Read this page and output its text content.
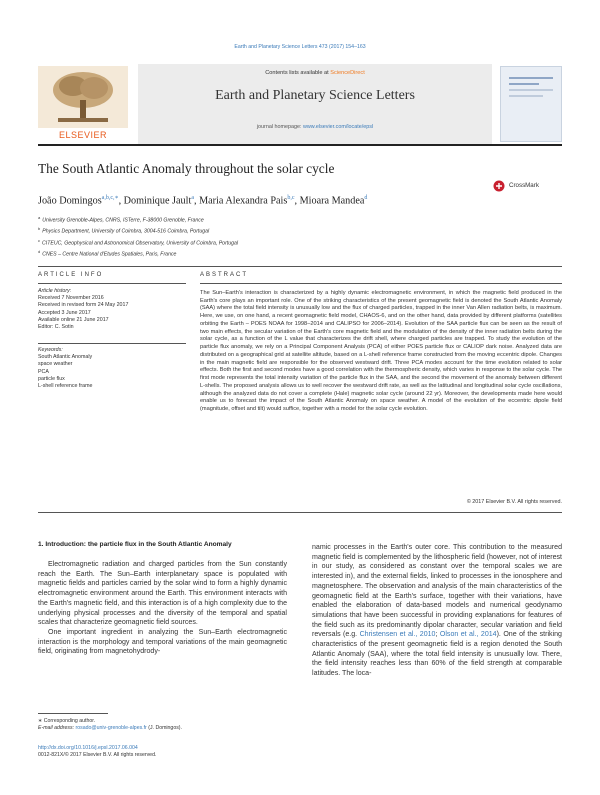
Earth and Planetary Science Letters 473 (2017) 154–163
ELSEVIER
Contents lists available at ScienceDirect
Earth and Planetary Science Letters
journal homepage: www.elsevier.com/locate/epsl
The South Atlantic Anomaly throughout the solar cycle
CrossMark
João Domingos$^{a,b,c,∗}$, Dominique Jault$^a$, Maria Alexandra Pais$^{b,c}$, Mioara Mandea$^d$
$^a$University Grenoble-Alpes, CNRS, ISTerre, F-38000 Grenoble, France
$^b$Physics Department, University of Coimbra, 3004-516 Coimbra, Portugal
$^c$CITEUC, Geophysical and Astronomical Observatory, University of Coimbra, Portugal
$^d$CNES – Centre National d'Etudes Spatiales, Paris, France
ARTICLE INFO	ABSTRACT
Article history:
Received 7 November 2016
Received in revised form 24 May 2017
Accepted 3 June 2017
Available online 21 June 2017
Editor: C. Sotin
Keywords:
South Atlantic Anomaly
space weather
PCA
particle flux
L-shell reference frame
The Sun–Earth's interaction is characterized by a highly dynamic electromagnetic environment, in which the magnetic field produced in the Earth's core plays an important role. One of the striking characteristics of the present geomagnetic field is denoted the South Atlantic Anomaly (SAA) where the total field intensity is unusually low and the flux of charged particles, trapped in the inner Van Allen radiation belts, is maximum. Here, we use, on one hand, a recent geomagnetic field model, CHAOS-6, and on the other hand, data provided by different platforms (satellites orbiting the Earth – POES NOAA for 1998–2014 and CALIPSO for 2006–2014). Evolution of the SAA particle flux can be seen as the result of two main effects, the secular variation of the Earth's core magnetic field and the modulation of the density of the inner radiation belts during the solar cycle, as a function of the L value that characterizes the drift shell, where charged particles are trapped. To study the evolution of the particle flux anomaly, we rely on a Principal Component Analysis (PCA) of either POES particle flux or CALIOP dark noise. Analyzed data are distributed on a geographical grid at satellite altitude, based on a L-shell reference frame constructed from the moving eccentric dipole. Changes in the main magnetic field are responsible for the observed westward drift. Three PCA modes account for the time evolution related to solar effects. Both the first and second modes have a good correlation with the thermospheric density, which varies in response to the solar cycle. The first mode represents the total intensity variation of the particle flux in the SAA, and the second the movement of the anomaly between different L-shells. The proposed analysis allows us to well recover the westward drift rate, as well as the latitudinal and longitudinal solar cycle oscillations, although the analyzed data do not cover a complete (Hale) magnetic solar cycle (around 22 yr). Moreover, the developments made here would enable us to forecast the impact of the South Atlantic Anomaly on space weather. A model of the evolution of the eccentric dipole field (magnitude, offset and tilt) would suffice, together with a model for the solar cycle evolution.
© 2017 Elsevier B.V. All rights reserved.
1. Introduction: the particle flux in the South Atlantic Anomaly

Electromagnetic radiation and charged particles from the Sun constantly reach the Earth. The Sun–Earth interplanetary space is populated with magnetic fields and particles carried by the solar wind to form a highly dynamic electromagnetic environment around the Earth. This environment interacts with the Earth's magnetic field, and this interaction is of a high complexity due to the underlying physical processes and the diversity of the temporal and spatial scales that characterize geomagnetic field sources.

One important ingredient in analyzing the Sun–Earth electromagnetic interaction is the morphology and temporal variations of the main geomagnetic field, originating from magnetohydrody-

namic processes in the Earth's outer core. This contribution to the measured magnetic field is complemented by the lithospheric field (however, not of interest in our study, as considered as constant over the temporal scales we are interested in), and the external fields, linked to processes in the ionosphere and magnetosphere. The observation and analysis of the main characteristics of the geomagnetic field at the Earth's surface, together with their variations, have enabled the elaboration of data-based models and numerical geodynamo simulations that have been successful in providing explanations for features of the field such as its predominantly dipolar character, secular variation and field reversals (e.g. Christensen et al., 2010; Olson et al., 2014). One of the striking characteristics of the present geomagnetic field is a region denoted the South Atlantic Anomaly (SAA), where the total field intensity is unusually low. There, the field intensity reaches less than 60% of the field strength at comparable latitudes. The loca-

∗ Corresponding author.
E-mail address: rosado@univ-grenoble-alpes.fr (J. Domingos).
http://dx.doi.org/10.1016/j.epsl.2017.06.004
0012-821X/© 2017 Elsevier B.V. All rights reserved.
